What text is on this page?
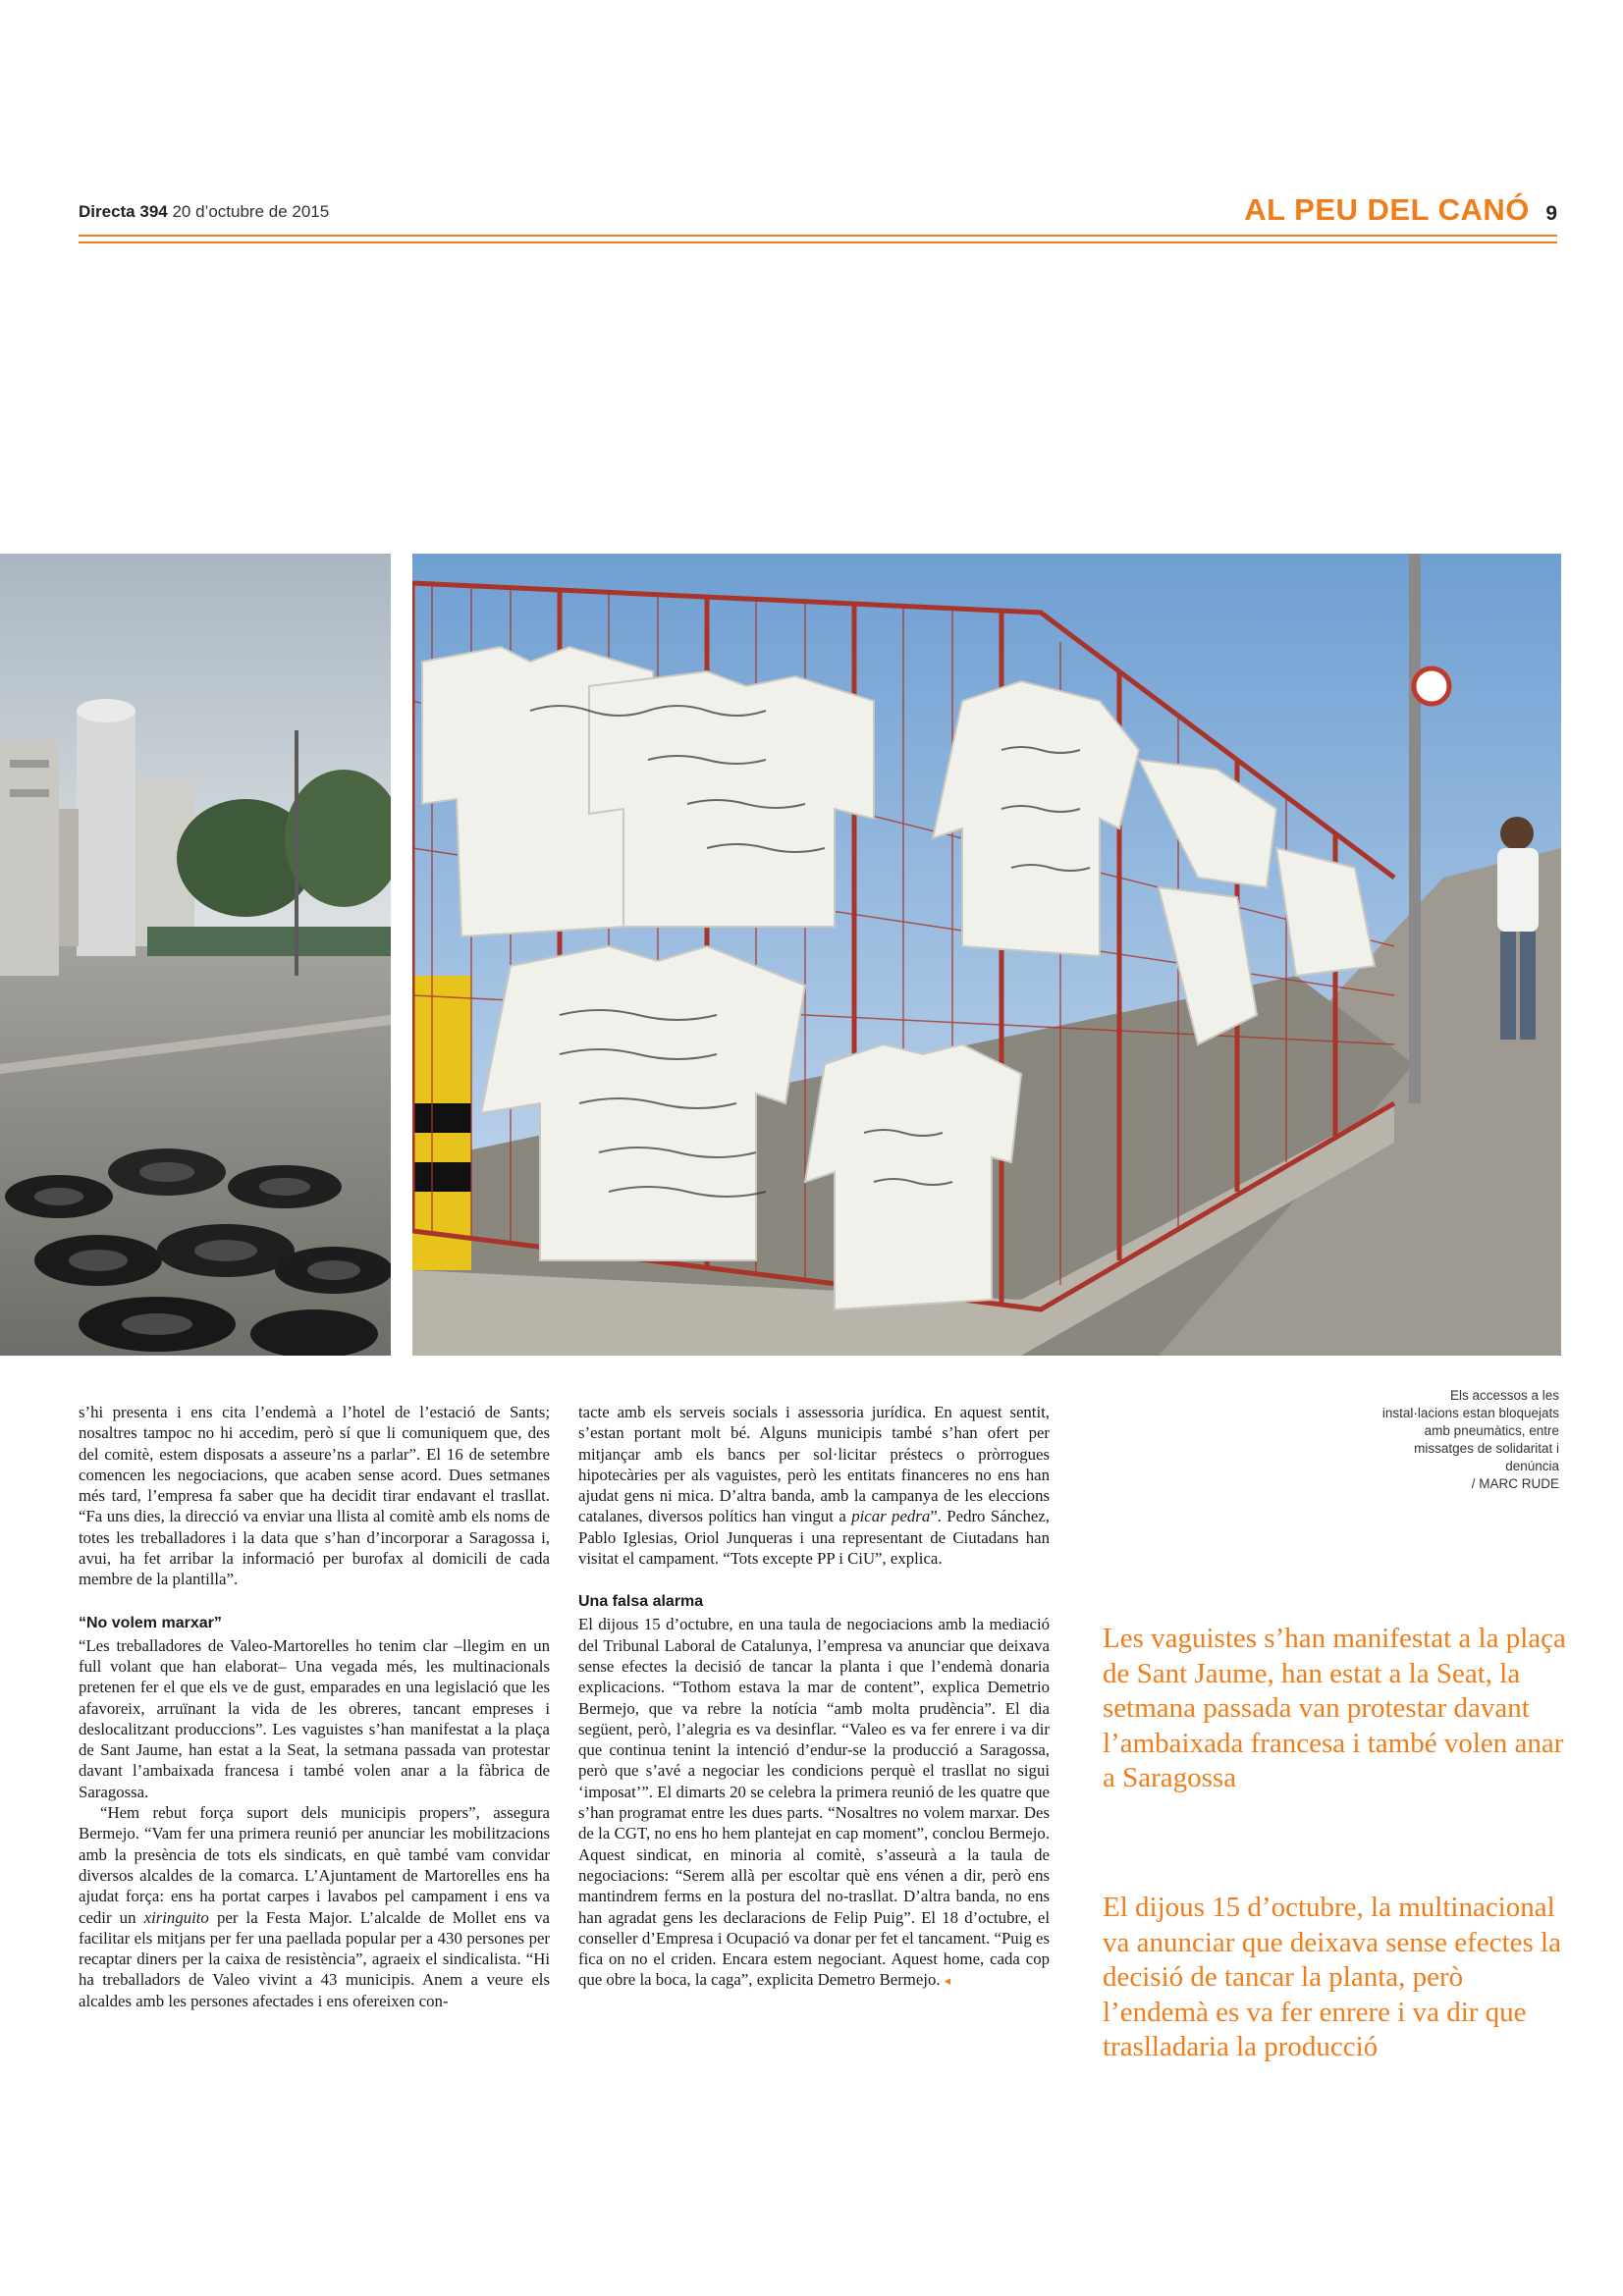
Directa 394 20 d’octubre de 2015	AL PEU DEL CANÓ 9
Els accessos a les instal·lacions estan bloquejats amb pneumàtics, entre missatges de solidaritat i denúncia
/ MARC RUDE

s’hi presenta i ens cita l’endemà a l’hotel de l’estació de Sants; nosaltres tampoc no hi accedim, però sí que li comuniquem que, des del comitè, estem disposats a asseure’ns a parlar”. El 16 de setembre comencen les negociacions, que acaben sense acord. Dues setmanes més tard, l’empresa fa saber que ha decidit tirar endavant el trasllat. “Fa uns dies, la direcció va enviar una llista al comitè amb els noms de totes les treballadores i la data que s’han d’incorporar a Saragossa i, avui, ha fet arribar la informació per burofax al domicili de cada membre de la plantilla”.

“No volem marxar”

“Les treballadores de Valeo-Martorelles ho tenim clar –llegim en un full volant que han elaborat– Una vegada més, les multinacionals pretenen fer el que els ve de gust, emparades en una legislació que les afavoreix, arruïnant la vida de les obreres, tancant empreses i deslocalitzant produccions”. Les vaguistes s’han manifestat a la plaça de Sant Jaume, han estat a la Seat, la setmana passada van protestar davant l’ambaixada francesa i també volen anar a la fàbrica de Saragossa.

“Hem rebut força suport dels municipis propers”, assegura Bermejo. “Vam fer una primera reunió per anunciar les mobilitzacions amb la presència de tots els sindicats, en què també vam convidar diversos alcaldes de la comarca. L’Ajuntament de Martorelles ens ha ajudat força: ens ha portat carpes i lavabos pel campament i ens va cedir un xiringuito per la Festa Major. L’alcalde de Mollet ens va facilitar els mitjans per fer una paellada popular per a 430 persones per recaptar diners per la caixa de resistència”, agraeix el sindicalista. “Hi ha treballadors de Valeo vivint a 43 municipis. Anem a veure els alcaldes amb les persones afectades i ens ofereixen con-

tacte amb els serveis socials i assessoria jurídica. En aquest sentit, s’estan portant molt bé. Alguns municipis també s’han ofert per mitjançar amb els bancs per sol·licitar préstecs o pròrrogues hipotecàries per als vaguistes, però les entitats financeres no ens han ajudat gens ni mica. D’altra banda, amb la campanya de les eleccions catalanes, diversos polítics han vingut a picar pedra”. Pedro Sánchez, Pablo Iglesias, Oriol Junqueras i una representant de Ciutadans han visitat el campament. “Tots excepte PP i CiU”, explica.

Una falsa alarma

El dijous 15 d’octubre, en una taula de negociacions amb la mediació del Tribunal Laboral de Catalunya, l’empresa va anunciar que deixava sense efectes la decisió de tancar la planta i que l’endemà donaria explicacions. “Tothom estava la mar de content”, explica Demetrio Bermejo, que va rebre la notícia “amb molta prudència”. El dia següent, però, l’alegria es va desinflar. “Valeo es va fer enrere i va dir que continua tenint la intenció d’endur-se la producció a Saragossa, però que s’avé a negociar les condicions perquè el trasllat no sigui ‘imposat’”. El dimarts 20 se celebra la primera reunió de les quatre que s’han programat entre les dues parts. “Nosaltres no volem marxar. Des de la CGT, no ens ho hem plantejat en cap moment”, conclou Bermejo. Aquest sindicat, en minoria al comitè, s’asseurà a la taula de negociacions: “Serem allà per escoltar què ens vénen a dir, però ens mantindrem ferms en la postura del no-trasllat. D’altra banda, no ens han agradat gens les declaracions de Felip Puig”. El 18 d’octubre, el conseller d’Empresa i Ocupació va donar per fet el tancament. “Puig es fica on no el criden. Encara estem negociant. Aquest home, cada cop que obre la boca, la caga”, explicita Demetro Bermejo. ◂

Les vaguistes s’han manifestat a la plaça de Sant Jaume, han estat a la Seat, la setmana passada van protestar davant l’ambaixada francesa i també volen anar a Saragossa
El dijous 15 d’octubre, la multinacional va anunciar que deixava sense efectes la decisió de tancar la planta, però l’endemà es va fer enrere i va dir que traslladaria la producció
